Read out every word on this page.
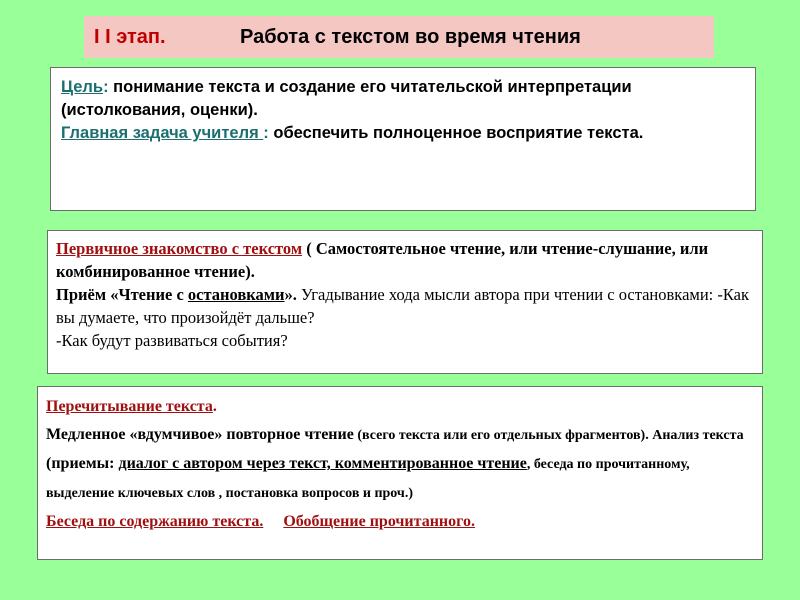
I I этап.	Работа с текстом во время чтения

Цель: понимание текста и создание его читательской интерпретации (истолкования, оценки).

Главная задача учителя : обеспечить полноценное восприятие текста.

Первичное знакомство с текстом ( Самостоятельное чтение, или чтение-слушание, или комбинированное чтение).

Приём «Чтение с остановками». Угадывание хода мысли автора при чтении с остановками: -Как вы думаете, что произойдёт дальше?

-Как будут развиваться события?

Перечитывание текста.

Медленное «вдумчивое» повторное чтение (всего текста или его отдельных фрагментов). Анализ текста (приемы: диалог с автором через текст, комментированное чтение, беседа по прочитанному, выделение ключевых слов , постановка вопросов и проч.)

Беседа по содержанию текста. Обобщение прочитанного.
